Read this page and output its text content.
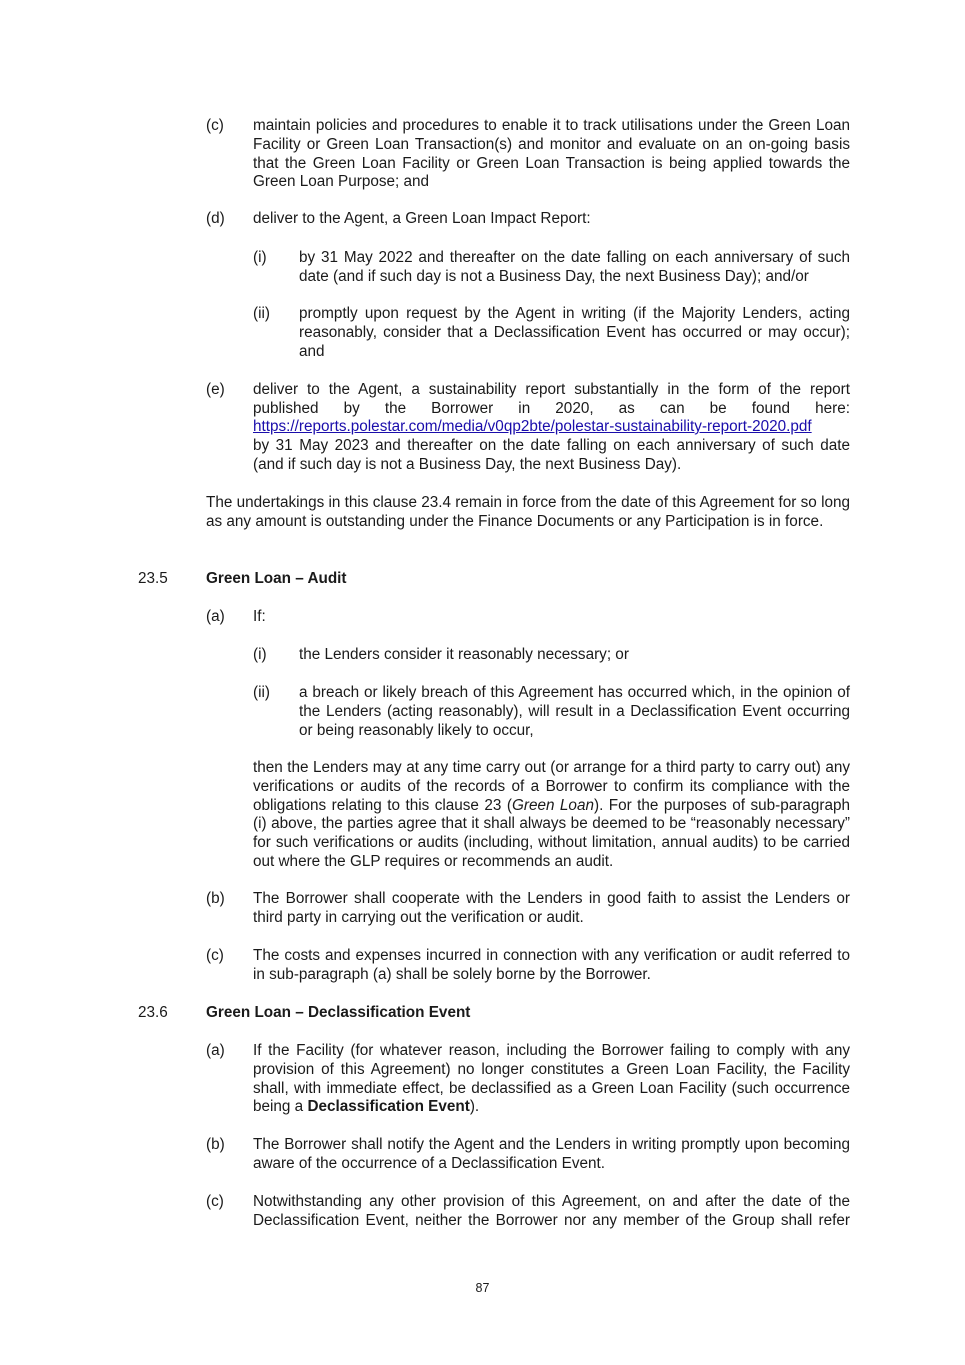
(c) maintain policies and procedures to enable it to track utilisations under the Green Loan Facility or Green Loan Transaction(s) and monitor and evaluate on an on-going basis that the Green Loan Facility or Green Loan Transaction is being applied towards the Green Loan Purpose; and
(d) deliver to the Agent, a Green Loan Impact Report:
(i) by 31 May 2022 and thereafter on the date falling on each anniversary of such date (and if such day is not a Business Day, the next Business Day); and/or
(ii) promptly upon request by the Agent in writing (if the Majority Lenders, acting reasonably, consider that a Declassification Event has occurred or may occur); and
(e) deliver to the Agent, a sustainability report substantially in the form of the report published by the Borrower in 2020, as can be found here:
https://reports.polestar.com/media/v0qp2bte/polestar-sustainability-report-2020.pdf
by 31 May 2023 and thereafter on the date falling on each anniversary of such date (and if such day is not a Business Day, the next Business Day).
The undertakings in this clause 23.4 remain in force from the date of this Agreement for so long as any amount is outstanding under the Finance Documents or any Participation is in force.
23.5 Green Loan – Audit
(a) If:
(i) the Lenders consider it reasonably necessary; or
(ii) a breach or likely breach of this Agreement has occurred which, in the opinion of the Lenders (acting reasonably), will result in a Declassification Event occurring or being reasonably likely to occur,
then the Lenders may at any time carry out (or arrange for a third party to carry out) any verifications or audits of the records of a Borrower to confirm its compliance with the obligations relating to this clause 23 (Green Loan). For the purposes of sub-paragraph (i) above, the parties agree that it shall always be deemed to be “reasonably necessary” for such verifications or audits (including, without limitation, annual audits) to be carried out where the GLP requires or recommends an audit.
(b) The Borrower shall cooperate with the Lenders in good faith to assist the Lenders or third party in carrying out the verification or audit.
(c) The costs and expenses incurred in connection with any verification or audit referred to in sub-paragraph (a) shall be solely borne by the Borrower.
23.6 Green Loan – Declassification Event
(a) If the Facility (for whatever reason, including the Borrower failing to comply with any provision of this Agreement) no longer constitutes a Green Loan Facility, the Facility shall, with immediate effect, be declassified as a Green Loan Facility (such occurrence being a Declassification Event).
(b) The Borrower shall notify the Agent and the Lenders in writing promptly upon becoming aware of the occurrence of a Declassification Event.
(c) Notwithstanding any other provision of this Agreement, on and after the date of the Declassification Event, neither the Borrower nor any member of the Group shall refer
87
